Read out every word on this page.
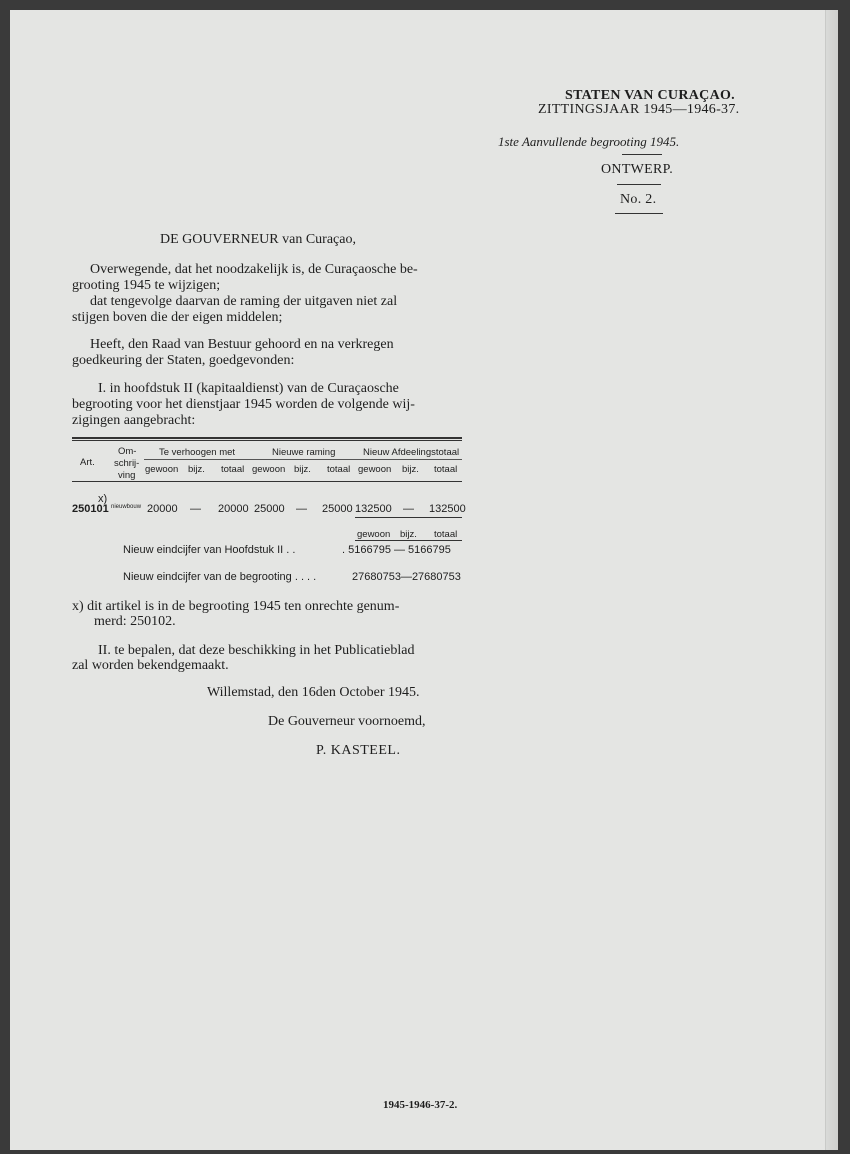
STATEN VAN CURAÇAO.
ZITTINGSJAAR 1945—1946-37.
1ste Aanvullende begrooting 1945.
ONTWERP.
No. 2.
DE GOUVERNEUR van Curaçao,
Overwegende, dat het noodzakelijk is, de Curaçaosche be-
grooting 1945 te wijzigen;
dat tengevolge daarvan de raming der uitgaven niet zal
stijgen boven die der eigen middelen;
Heeft, den Raad van Bestuur gehoord en na verkregen
goedkeuring der Staten, goedgevonden:
I. in hoofdstuk II (kapitaaldienst) van de Curaçaosche
begrooting voor het dienstjaar 1945 worden de volgende wij-
zigingen aangebracht:
Art.
Om-
schrij-
ving
Te verhoogen met	Nieuwe raming	Nieuw Afdeelingstotaal
gewoon bijz. totaal gewoon bijz. totaal gewoon bijz. totaal
x)
250101 nieuwbouw 20000 — 20000 25000 — 25000 132500 — 132500
gewoon bijz. totaal
Nieuw eindcijfer van Hoofdstuk II . .	. 5166795 — 5166795
Nieuw eindcijfer van de begrooting . . . .	27680753—27680753
x) dit artikel is in de begrooting 1945 ten onrechte genum-
merd: 250102.
II. te bepalen, dat deze beschikking in het Publicatieblad
zal worden bekendgemaakt.
Willemstad, den 16den October 1945.
De Gouverneur voornoemd,
P. KASTEEL.
1945-1946-37-2.
